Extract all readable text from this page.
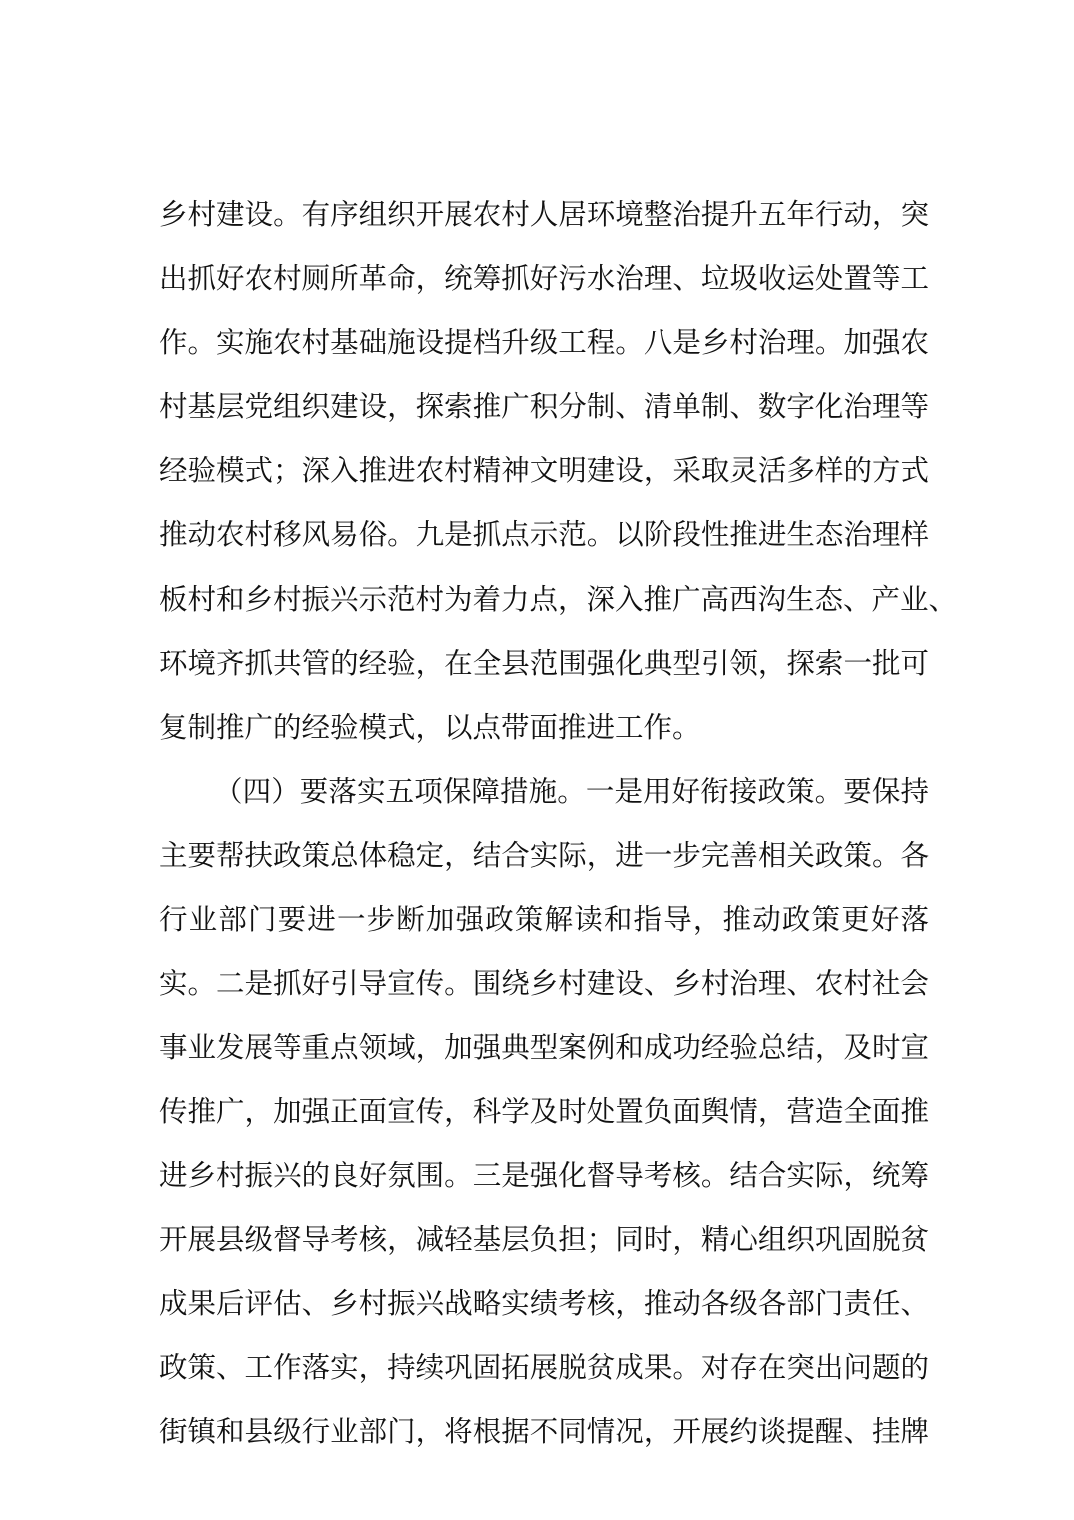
乡村建设。有序组织开展农村人居环境整治提升五年行动，突
出抓好农村厕所革命，统筹抓好污水治理、垃圾收运处置等工
作。实施农村基础施设提档升级工程。八是乡村治理。加强农
村基层党组织建设，探索推广积分制、清单制、数字化治理等
经验模式；深入推进农村精神文明建设，采取灵活多样的方式
推动农村移风易俗。九是抓点示范。以阶段性推进生态治理样
板村和乡村振兴示范村为着力点，深入推广高西沟生态、产业、
环境齐抓共管的经验，在全县范围强化典型引领，探索一批可
复制推广的经验模式，以点带面推进工作。
（四）要落实五项保障措施。一是用好衔接政策。要保持
主要帮扶政策总体稳定，结合实际，进一步完善相关政策。各
行业部门要进一步断加强政策解读和指导，推动政策更好落
实。二是抓好引导宣传。围绕乡村建设、乡村治理、农村社会
事业发展等重点领域，加强典型案例和成功经验总结，及时宣
传推广，加强正面宣传，科学及时处置负面舆情，营造全面推
进乡村振兴的良好氛围。三是强化督导考核。结合实际，统筹
开展县级督导考核，减轻基层负担；同时，精心组织巩固脱贫
成果后评估、乡村振兴战略实绩考核，推动各级各部门责任、
政策、工作落实，持续巩固拓展脱贫成果。对存在突出问题的
街镇和县级行业部门，将根据不同情况，开展约谈提醒、挂牌
